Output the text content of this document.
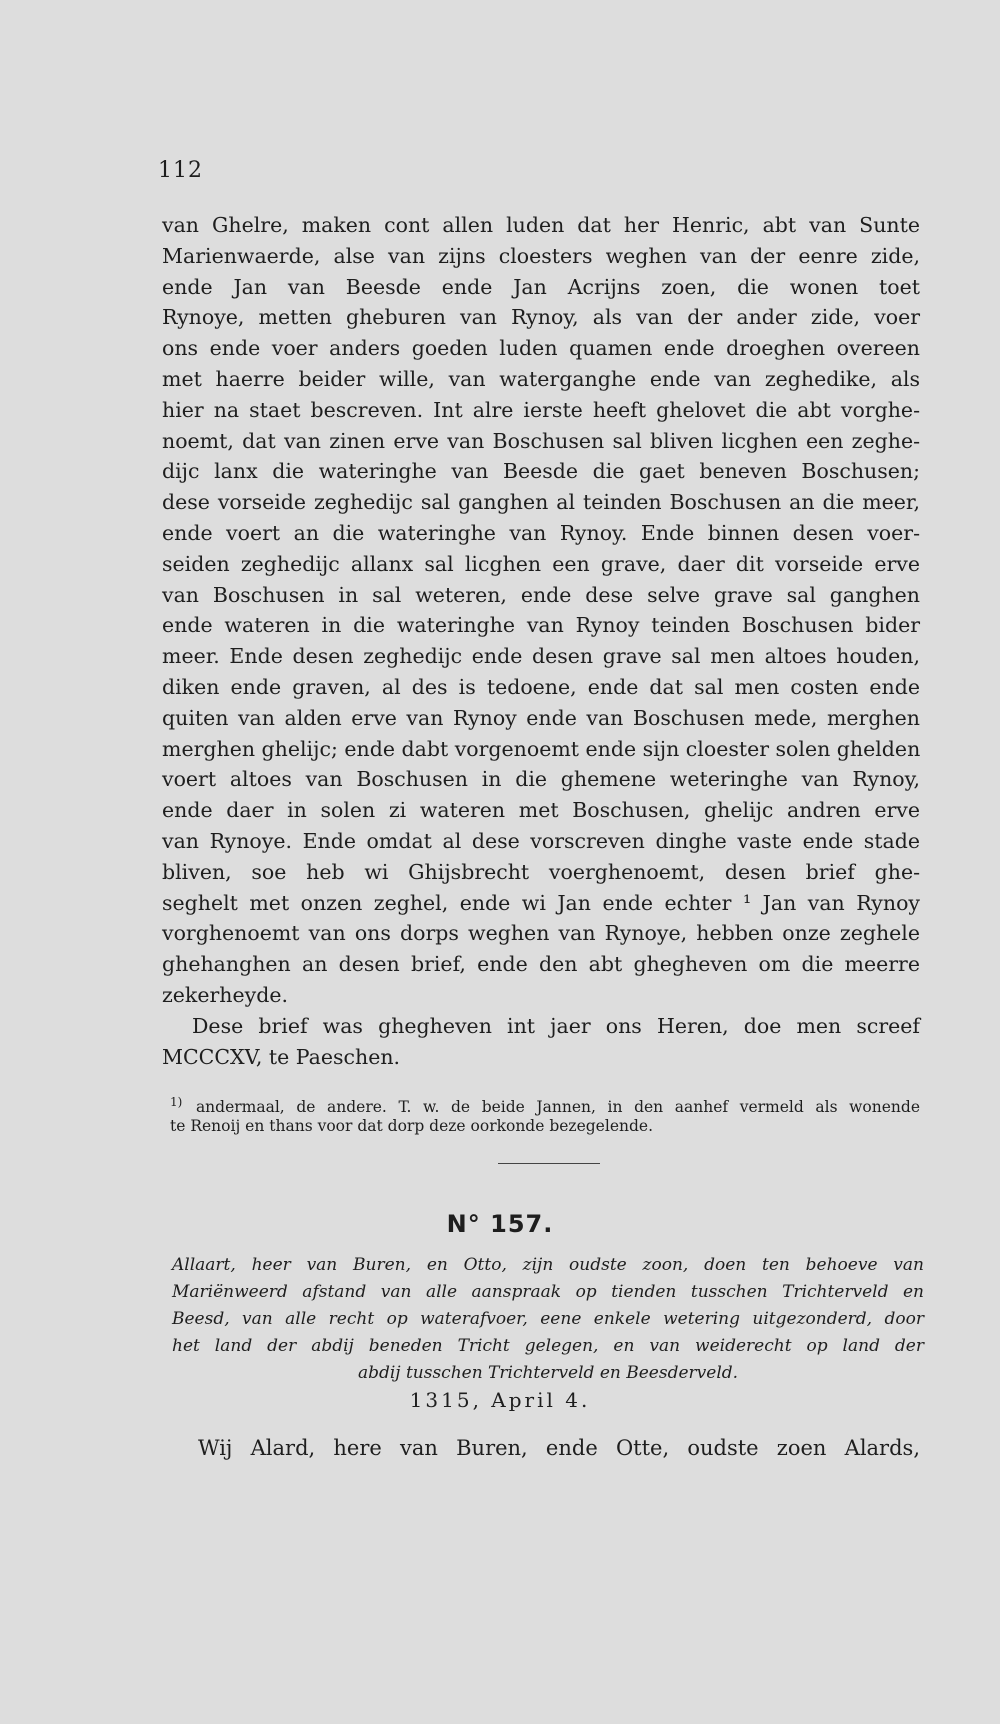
112
van Ghelre, maken cont allen luden dat her Henric, abt van Sunte
Marienwaerde, alse van zijns cloesters weghen van der eenre zide,
ende Jan van Beesde ende Jan Acrijns zoen, die wonen toet
Rynoye, metten gheburen van Rynoy, als van der ander zide, voer
ons ende voer anders goeden luden quamen ende droeghen overeen
met haerre beider wille, van waterganghe ende van zeghedike, als
hier na staet bescreven. Int alre ierste heeft ghelovet die abt vorghe-
noemt, dat van zinen erve van Boschusen sal bliven licghen een zeghe-
dijc lanx die wateringhe van Beesde die gaet beneven Boschusen;
dese vorseide zeghedijc sal ganghen al teinden Boschusen an die meer,
ende voert an die wateringhe van Rynoy. Ende binnen desen voer-
seiden zeghedijc allanx sal licghen een grave, daer dit vorseide erve
van Boschusen in sal weteren, ende dese selve grave sal ganghen
ende wateren in die wateringhe van Rynoy teinden Boschusen bider
meer. Ende desen zeghedijc ende desen grave sal men altoes houden,
diken ende graven, al des is tedoene, ende dat sal men costen ende
quiten van alden erve van Rynoy ende van Boschusen mede, merghen
merghen ghelijc; ende dabt vorgenoemt ende sijn cloester solen ghelden
voert altoes van Boschusen in die ghemene weteringhe van Rynoy,
ende daer in solen zi wateren met Boschusen, ghelijc andren erve
van Rynoye. Ende omdat al dese vorscreven dinghe vaste ende stade
bliven, soe heb wi Ghijsbrecht voerghenoemt, desen brief ghe-
seghelt met onzen zeghel, ende wi Jan ende echter ¹ Jan van Rynoy
vorghenoemt van ons dorps weghen van Rynoye, hebben onze zeghele
ghehanghen an desen brief, ende den abt ghegheven om die meerre
zekerheyde.
Dese brief was ghegheven int jaer ons Heren, doe men screef
MCCCXV, te Paeschen.
$^{1)}$ andermaal, de andere. T. w. de beide Jannen, in den aanhef vermeld als wonende
te Renoij en thans voor dat dorp deze oorkonde bezegelende.
N° 157.
Allaart, heer van Buren, en Otto, zijn oudste zoon, doen ten behoeve van
Mariënweerd afstand van alle aanspraak op tienden tusschen Trichterveld en
Beesd, van alle recht op waterafvoer, eene enkele wetering uitgezonderd, door
het land der abdij beneden Tricht gelegen, en van weiderecht op land der
abdij tusschen Trichterveld en Beesderveld.
1315, April 4.
Wij Alard, here van Buren, ende Otte, oudste zoen Alards,
